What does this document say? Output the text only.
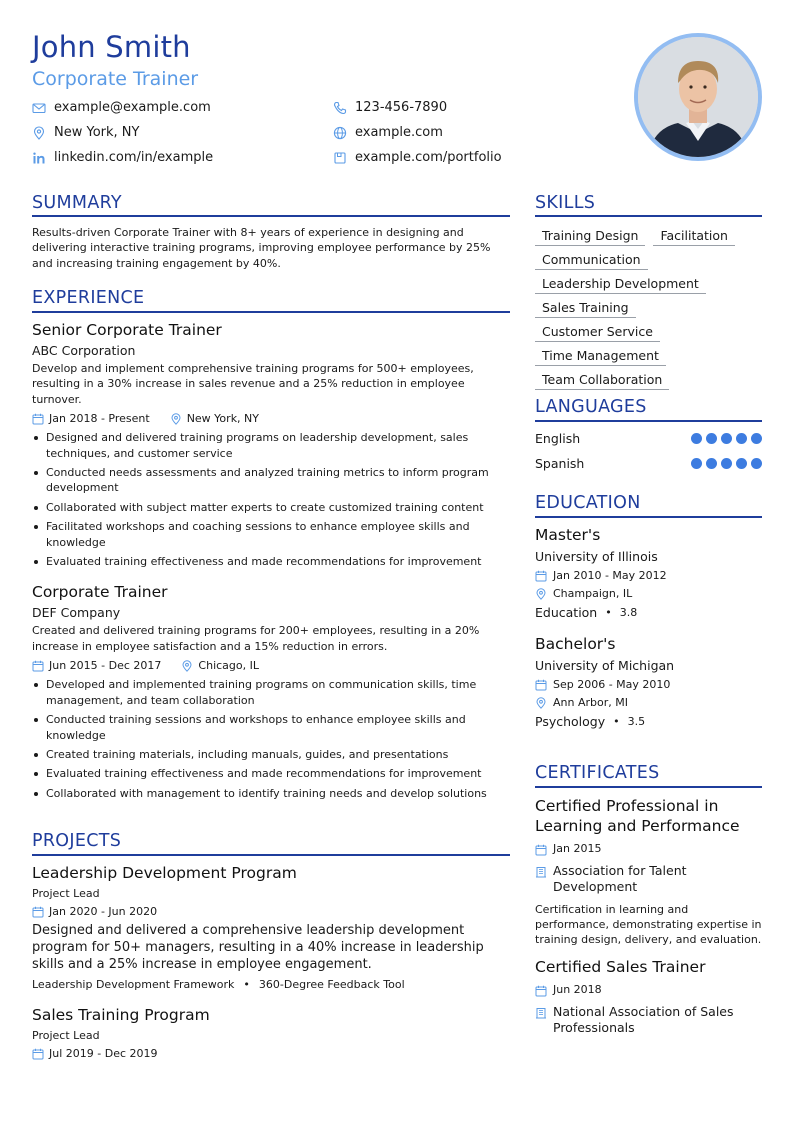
John Smith
Corporate Trainer
example@example.com	123-456-7890
New York, NY	example.com
linkedin.com/in/example	example.com/portfolio
SUMMARY
Results-driven Corporate Trainer with 8+ years of experience in designing and delivering interactive training programs, improving employee performance by 25% and increasing training engagement by 40%.
EXPERIENCE
Senior Corporate Trainer
ABC Corporation
Develop and implement comprehensive training programs for 500+ employees, resulting in a 30% increase in sales revenue and a 25% reduction in employee turnover.
Jan 2018 - Present	New York, NY
Designed and delivered training programs on leadership development, sales techniques, and customer service
Conducted needs assessments and analyzed training metrics to inform program development
Collaborated with subject matter experts to create customized training content
Facilitated workshops and coaching sessions to enhance employee skills and knowledge
Evaluated training effectiveness and made recommendations for improvement
Corporate Trainer
DEF Company
Created and delivered training programs for 200+ employees, resulting in a 20% increase in employee satisfaction and a 15% reduction in errors.
Jun 2015 - Dec 2017	Chicago, IL
Developed and implemented training programs on communication skills, time management, and team collaboration
Conducted training sessions and workshops to enhance employee skills and knowledge
Created training materials, including manuals, guides, and presentations
Evaluated training effectiveness and made recommendations for improvement
Collaborated with management to identify training needs and develop solutions
PROJECTS
Leadership Development Program
Project Lead
Jan 2020 - Jun 2020
Designed and delivered a comprehensive leadership development program for 50+ managers, resulting in a 40% increase in leadership skills and a 25% increase in employee engagement.
Leadership Development Framework • 360-Degree Feedback Tool
Sales Training Program
Project Lead
Jul 2019 - Dec 2019
SKILLS
Training Design	Facilitation
Communication
Leadership Development
Sales Training
Customer Service
Time Management
Team Collaboration
LANGUAGES
English
Spanish
EDUCATION
Master's
University of Illinois
Jan 2010 - May 2012
Champaign, IL
Education • 3.8
Bachelor's
University of Michigan
Sep 2006 - May 2010
Ann Arbor, MI
Psychology • 3.5
CERTIFICATES
Certified Professional in Learning and Performance
Jan 2015
Association for Talent Development
Certification in learning and performance, demonstrating expertise in training design, delivery, and evaluation.
Certified Sales Trainer
Jun 2018
National Association of Sales Professionals
